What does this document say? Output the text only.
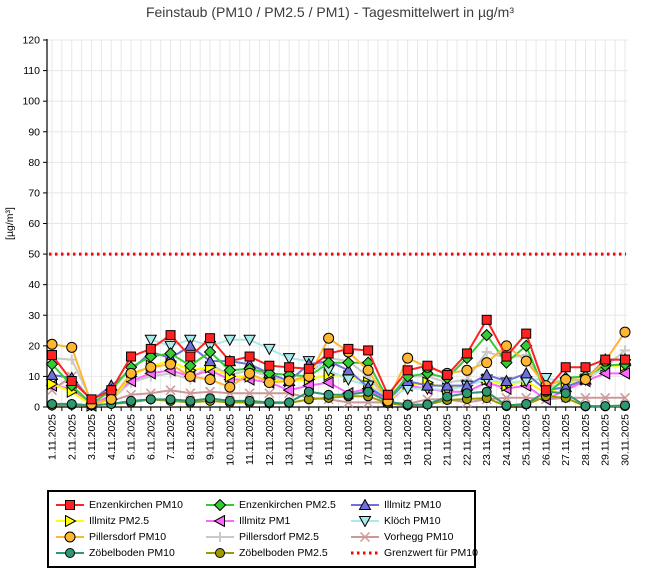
Feinstaub (PM10 / PM2.5 / PM1) - Tagesmittelwert in µg/m³
0
10
20
30
40
50
60
70
80
90
100
110
120
1.11.2025 2.11.2025 3.11.2025 4.11.2025 5.11.2025 6.11.2025 7.11.2025 8.11.2025 9.11.2025 10.11.2025 11.11.2025 12.11.2025 13.11.2025 14.11.2025 15.11.2025 16.11.2025 17.11.2025 18.11.2025 19.11.2025 20.11.2025 21.11.2025 22.11.2025 23.11.2025 24.11.2025 25.11.2025 26.11.2025 27.11.2025 28.11.2025 29.11.2025 30.11.2025
[µg/m³]
Enzenkirchen PM10	Enzenkirchen PM2.5	Illmitz PM10
Illmitz PM2.5	Illmitz PM1	Klöch PM10
Pillersdorf PM10	Pillersdorf PM2.5	Vorhegg PM10
Zöbelboden PM10	Zöbelboden PM2.5	Grenzwert für PM10
